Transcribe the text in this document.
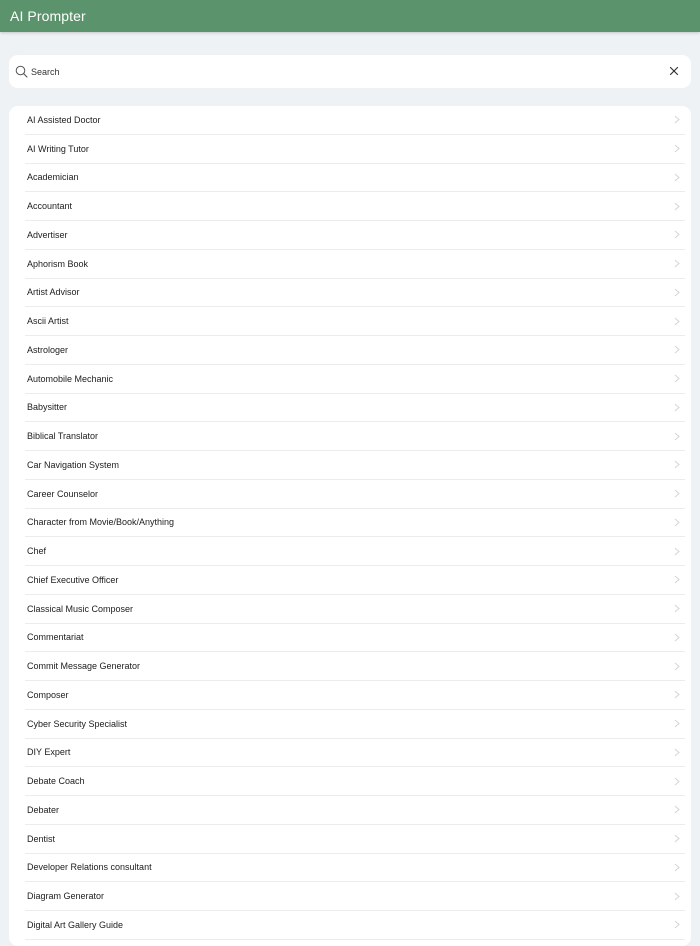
AI Prompter
Search
AI Assisted Doctor
AI Writing Tutor
Academician
Accountant
Advertiser
Aphorism Book
Artist Advisor
Ascii Artist
Astrologer
Automobile Mechanic
Babysitter
Biblical Translator
Car Navigation System
Career Counselor
Character from Movie/Book/Anything
Chef
Chief Executive Officer
Classical Music Composer
Commentariat
Commit Message Generator
Composer
Cyber Security Specialist
DIY Expert
Debate Coach
Debater
Dentist
Developer Relations consultant
Diagram Generator
Digital Art Gallery Guide
